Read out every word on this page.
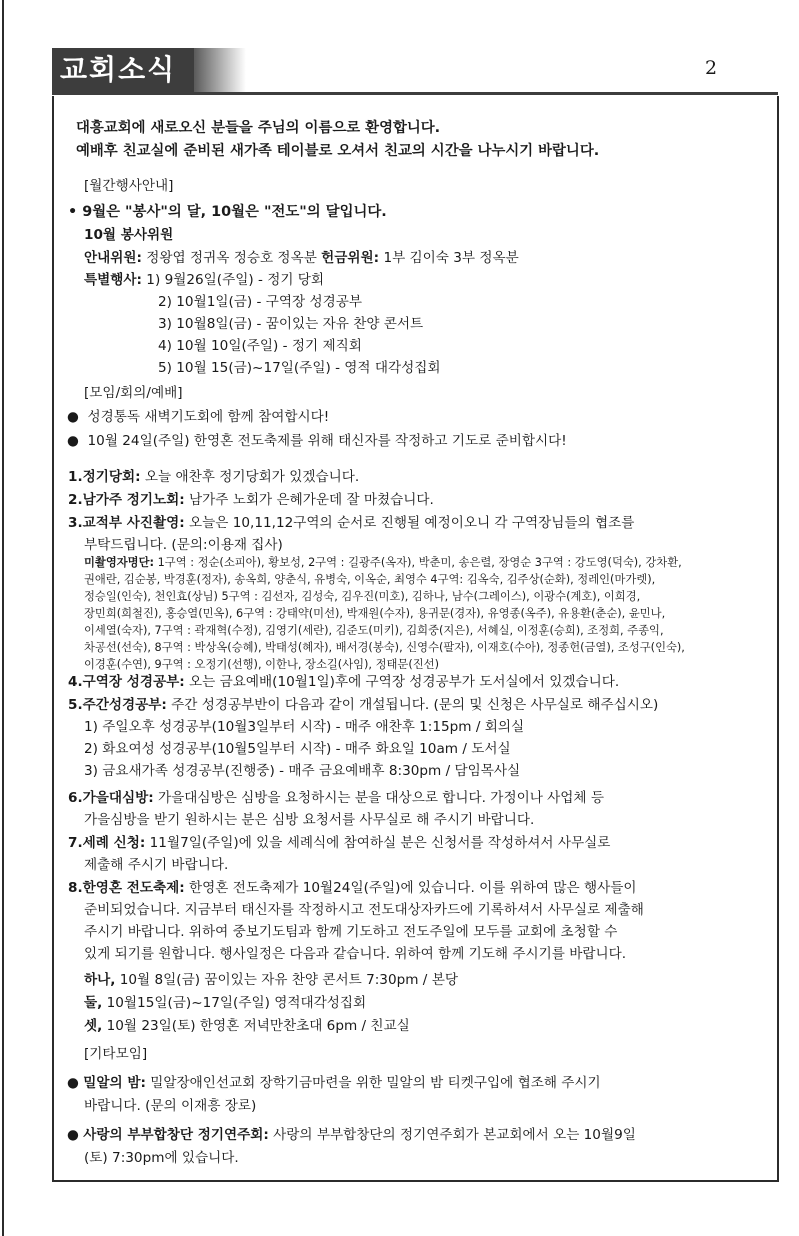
교회소식	2
대흥교회에 새로오신 분들을 주님의 이름으로 환영합니다.
예배후 친교실에 준비된 새가족 테이블로 오셔서 친교의 시간을 나누시기 바랍니다.
[월간행사안내]
• 9월은 "봉사"의 달, 10월은 "전도"의 달입니다.
10월 봉사위원
안내위원: 정왕엽 정귀옥 정승호 정옥분 헌금위원: 1부 김이숙 3부 정옥분
특별행사: 1) 9월26일(주일) - 정기 당회
2) 10월1일(금) - 구역장 성경공부
3) 10월8일(금) - 꿈이있는 자유 찬양 콘서트
4) 10월 10일(주일) - 정기 제직회
5) 10월 15(금)~17일(주일) - 영적 대각성집회
[모임/회의/예배]
● 성경통독 새벽기도회에 함께 참여합시다!
● 10월 24일(주일) 한영혼 전도축제를 위해 태신자를 작정하고 기도로 준비합시다!
1.정기당회: 오늘 애찬후 정기당회가 있겠습니다.
2.남가주 정기노회: 남가주 노회가 은혜가운데 잘 마쳤습니다.
3.교적부 사진촬영: 오늘은 10,11,12구역의 순서로 진행될 예정이오니 각 구역장님들의 협조를
부탁드립니다. (문의:이용재 집사)
미촬영자명단: 1구역 : 정순(소피아), 황보성, 2구역 : 길광주(옥자), 박춘미, 송은렬, 장영순 3구역 : 강도영(덕숙), 강차환,
권애란, 김순봉, 박경훈(정자), 송옥희, 양춘식, 유병숙, 이옥순, 최영수 4구역: 김옥숙, 김주상(순화), 정레인(마가렛),
정승일(인숙), 천인효(상님) 5구역 : 김선자, 김성숙, 김우진(미호), 김하나, 남수(그레이스), 이광수(계호), 이희경,
장민희(희철진), 홍승열(민옥), 6구역 : 강태약(미선), 박재원(수자), 용귀문(경자), 유영종(옥주), 유용환(춘순), 윤민나,
이세열(숙자), 7구역 : 곽재혁(수정), 김영기(세란), 김준도(미키), 김희중(지은), 서혜실, 이정훈(승희), 조정희, 주종익,
차공선(선숙), 8구역 : 박상옥(승혜), 박태성(혜자), 배서경(봉숙), 신영수(팔자), 이재호(수아), 정종헌(금열), 조성구(인숙),
이경훈(수연), 9구역 : 오정기(선행), 이한나, 장소길(사임), 정태문(진선)
4.구역장 성경공부: 오는 금요예배(10월1일)후에 구역장 성경공부가 도서실에서 있겠습니다.
5.주간성경공부: 주간 성경공부반이 다음과 같이 개설됩니다. (문의 및 신청은 사무실로 해주십시오)
1) 주일오후 성경공부(10월3일부터 시작) - 매주 애찬후 1:15pm / 회의실
2) 화요여성 성경공부(10월5일부터 시작) - 매주 화요일 10am / 도서실
3) 금요새가족 성경공부(진행중) - 매주 금요예배후 8:30pm / 담임목사실
6.가을대심방: 가을대심방은 심방을 요청하시는 분을 대상으로 합니다. 가정이나 사업체 등
가을심방을 받기 원하시는 분은 심방 요청서를 사무실로 해 주시기 바랍니다.
7.세례 신청: 11월7일(주일)에 있을 세례식에 참여하실 분은 신청서를 작성하셔서 사무실로
제출해 주시기 바랍니다.
8.한영혼 전도축제: 한영혼 전도축제가 10월24일(주일)에 있습니다. 이를 위하여 많은 행사들이
준비되었습니다. 지금부터 태신자를 작정하시고 전도대상자카드에 기록하셔서 사무실로 제출해
주시기 바랍니다. 위하여 중보기도팀과 함께 기도하고 전도주일에 모두를 교회에 초청할 수
있게 되기를 원합니다. 행사일정은 다음과 같습니다. 위하여 함께 기도해 주시기를 바랍니다.
하나, 10월 8일(금) 꿈이있는 자유 찬양 콘서트 7:30pm / 본당
둘, 10월15일(금)~17일(주일) 영적대각성집회
셋, 10월 23일(토) 한영혼 저녁만찬초대 6pm / 친교실
[기타모임]
● 밀알의 밤: 밀알장애인선교회 장학기금마련을 위한 밀알의 밤 티켓구입에 협조해 주시기
바랍니다. (문의 이재흥 장로)
● 사랑의 부부합창단 정기연주회: 사랑의 부부합창단의 정기연주회가 본교회에서 오는 10월9일
(토) 7:30pm에 있습니다.
